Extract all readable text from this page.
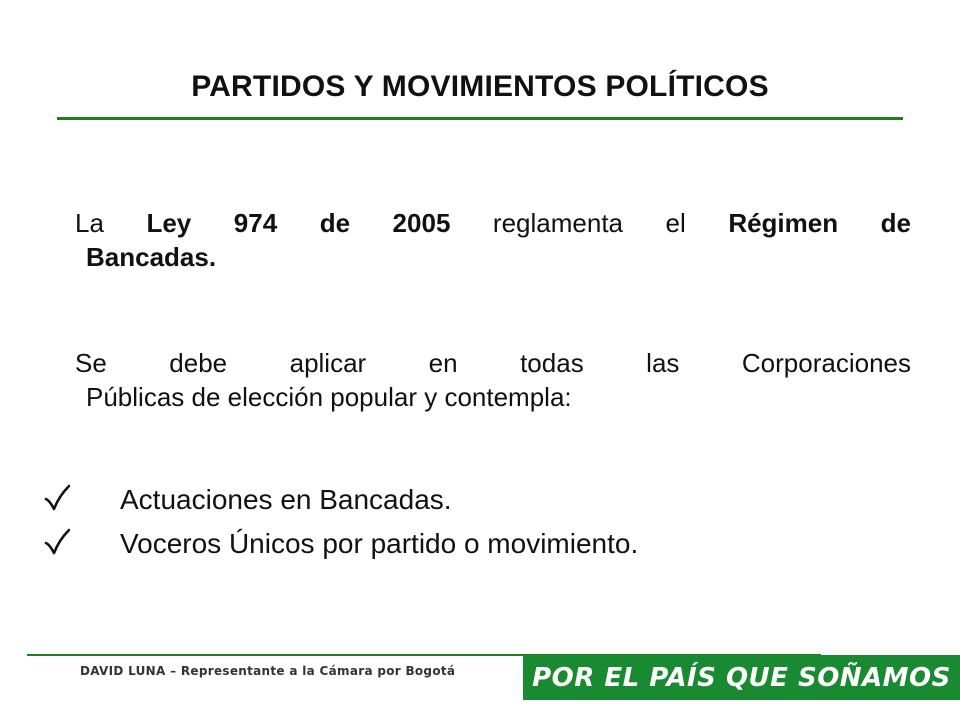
PARTIDOS Y MOVIMIENTOS POLÍTICOS
La Ley 974 de 2005 reglamenta el Régimen de
Bancadas.
Se debe aplicar en todas las Corporaciones
Públicas de elección popular y contempla:
Actuaciones en Bancadas.
Voceros Únicos por partido o movimiento.
DAVID LUNA – Representante a la Cámara por Bogotá	POR EL PAÍS QUE SOÑAMOS
